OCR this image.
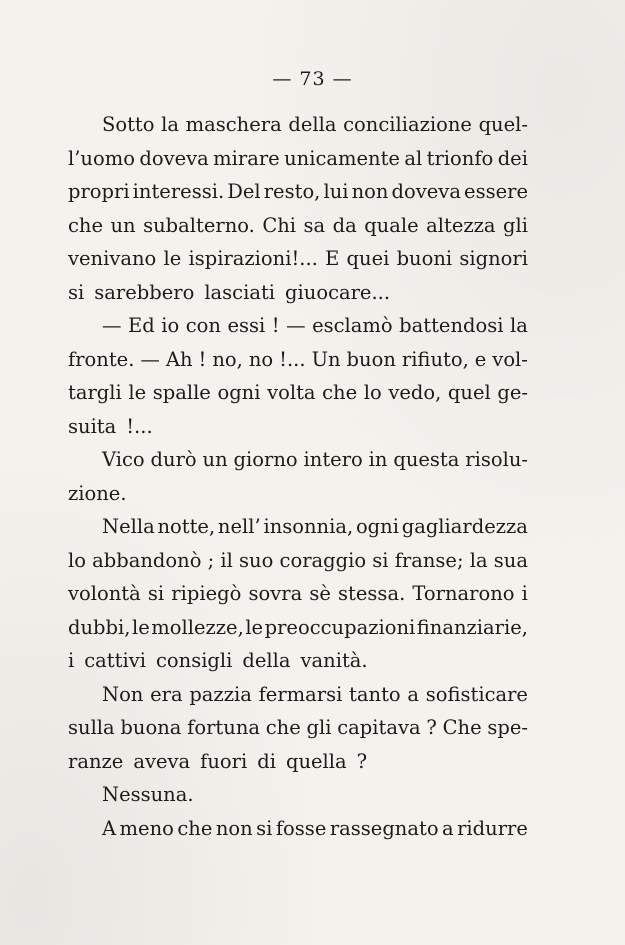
— 73 —
Sotto la maschera della conciliazione quel-
l’uomo doveva mirare unicamente al trionfo dei
propri interessi. Del resto, lui non doveva essere
che un subalterno. Chi sa da quale altezza gli
venivano le ispirazioni!... E quei buoni signori
si sarebbero lasciati giuocare...
— Ed io con essi ! — esclamò battendosi la
fronte. — Ah ! no, no !... Un buon rifiuto, e vol-
targli le spalle ogni volta che lo vedo, quel ge-
suita !...
Vico durò un giorno intero in questa risolu-
zione.
Nella notte, nell’ insonnia, ogni gagliardezza
lo abbandonò ; il suo coraggio si franse; la sua
volontà si ripiegò sovra sè stessa. Tornarono i
dubbi, le mollezze, le preoccupazioni finanziarie,
i cattivi consigli della vanità.
Non era pazzia fermarsi tanto a sofisticare
sulla buona fortuna che gli capitava ? Che spe-
ranze aveva fuori di quella ?
Nessuna.
A meno che non si fosse rassegnato a ridurre
